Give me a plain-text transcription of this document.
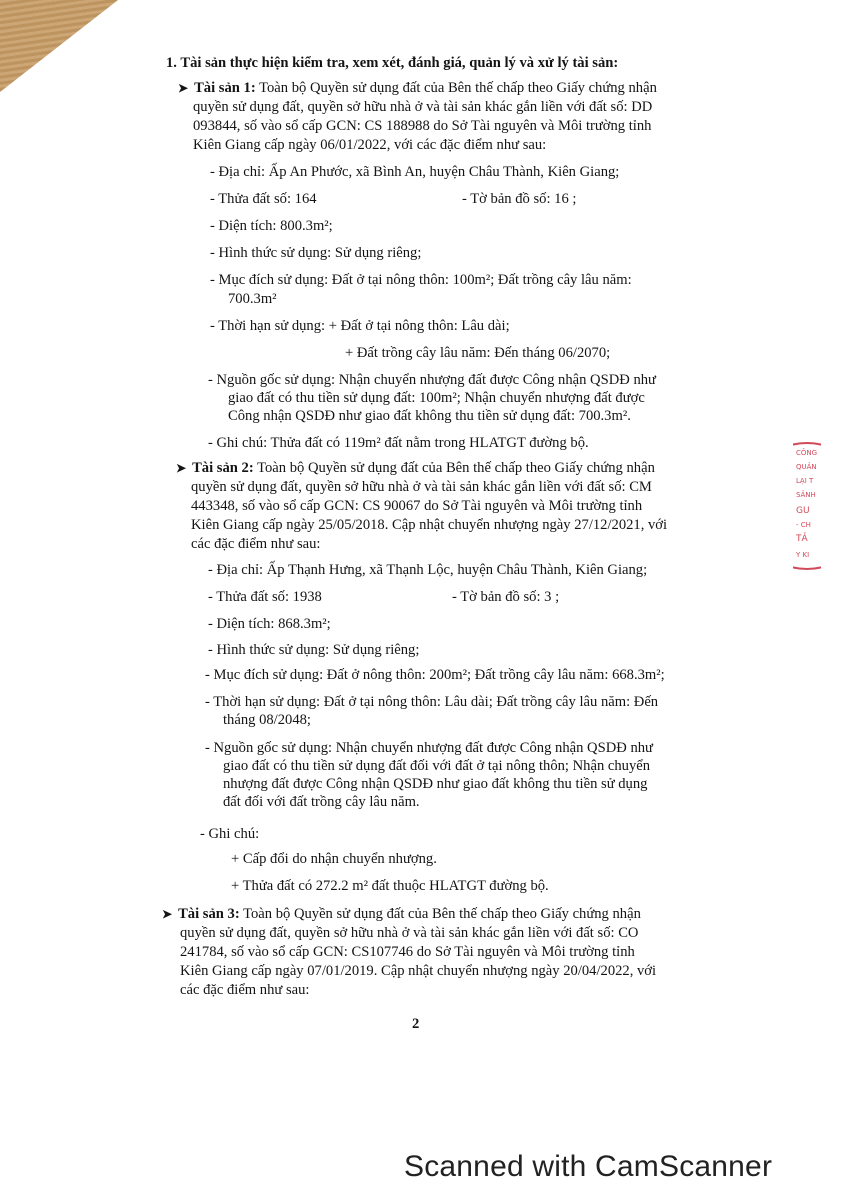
1. Tài sản thực hiện kiểm tra, xem xét, đánh giá, quản lý và xử lý tài sản:
➤ Tài sản 1: Toàn bộ Quyền sử dụng đất của Bên thế chấp theo Giấy chứng nhận
quyền sử dụng đất, quyền sở hữu nhà ở và tài sản khác gắn liền với đất số: DD
093844, số vào sổ cấp GCN: CS 188988 do Sở Tài nguyên và Môi trường tỉnh
Kiên Giang cấp ngày 06/01/2022, với các đặc điểm như sau:
- Địa chỉ: Ấp An Phước, xã Bình An, huyện Châu Thành, Kiên Giang;
- Thửa đất số: 164	- Tờ bản đồ số: 16 ;
- Diện tích: 800.3m²;
- Hình thức sử dụng: Sử dụng riêng;
- Mục đích sử dụng: Đất ở tại nông thôn: 100m²; Đất trồng cây lâu năm:
700.3m²
- Thời hạn sử dụng: + Đất ở tại nông thôn: Lâu dài;
+ Đất trồng cây lâu năm: Đến tháng 06/2070;
- Nguồn gốc sử dụng: Nhận chuyển nhượng đất được Công nhận QSDĐ như
giao đất có thu tiền sử dụng đất: 100m²; Nhận chuyển nhượng đất được
Công nhận QSDĐ như giao đất không thu tiền sử dụng đất: 700.3m².
- Ghi chú: Thửa đất có 119m² đất nằm trong HLATGT đường bộ.
➤ Tài sản 2: Toàn bộ Quyền sử dụng đất của Bên thế chấp theo Giấy chứng nhận
quyền sử dụng đất, quyền sở hữu nhà ở và tài sản khác gắn liền với đất số: CM
443348, số vào sổ cấp GCN: CS 90067 do Sở Tài nguyên và Môi trường tỉnh
Kiên Giang cấp ngày 25/05/2018. Cập nhật chuyển nhượng ngày 27/12/2021, với
các đặc điểm như sau:
- Địa chỉ: Ấp Thạnh Hưng, xã Thạnh Lộc, huyện Châu Thành, Kiên Giang;
- Thửa đất số: 1938	- Tờ bản đồ số: 3 ;
- Diện tích: 868.3m²;
- Hình thức sử dụng: Sử dụng riêng;
- Mục đích sử dụng: Đất ở nông thôn: 200m²; Đất trồng cây lâu năm: 668.3m²;
- Thời hạn sử dụng: Đất ở tại nông thôn: Lâu dài; Đất trồng cây lâu năm: Đến
tháng 08/2048;
- Nguồn gốc sử dụng: Nhận chuyển nhượng đất được Công nhận QSDĐ như
giao đất có thu tiền sử dụng đất đối với đất ở tại nông thôn; Nhận chuyển
nhượng đất được Công nhận QSDĐ như giao đất không thu tiền sử dụng
đất đối với đất trồng cây lâu năm.
- Ghi chú:
+ Cấp đổi do nhận chuyển nhượng.
+ Thửa đất có 272.2 m² đất thuộc HLATGT đường bộ.
➤ Tài sản 3: Toàn bộ Quyền sử dụng đất của Bên thế chấp theo Giấy chứng nhận
quyền sử dụng đất, quyền sở hữu nhà ở và tài sản khác gắn liền với đất số: CO
241784, số vào sổ cấp GCN: CS107746 do Sở Tài nguyên và Môi trường tỉnh
Kiên Giang cấp ngày 07/01/2019. Cập nhật chuyển nhượng ngày 20/04/2022, với
các đặc điểm như sau:
2
CÔNG
QUẢN
LẠI T
SẢNH
GU
- CH
TẢ
Y KI
Scanned with CamScanner
